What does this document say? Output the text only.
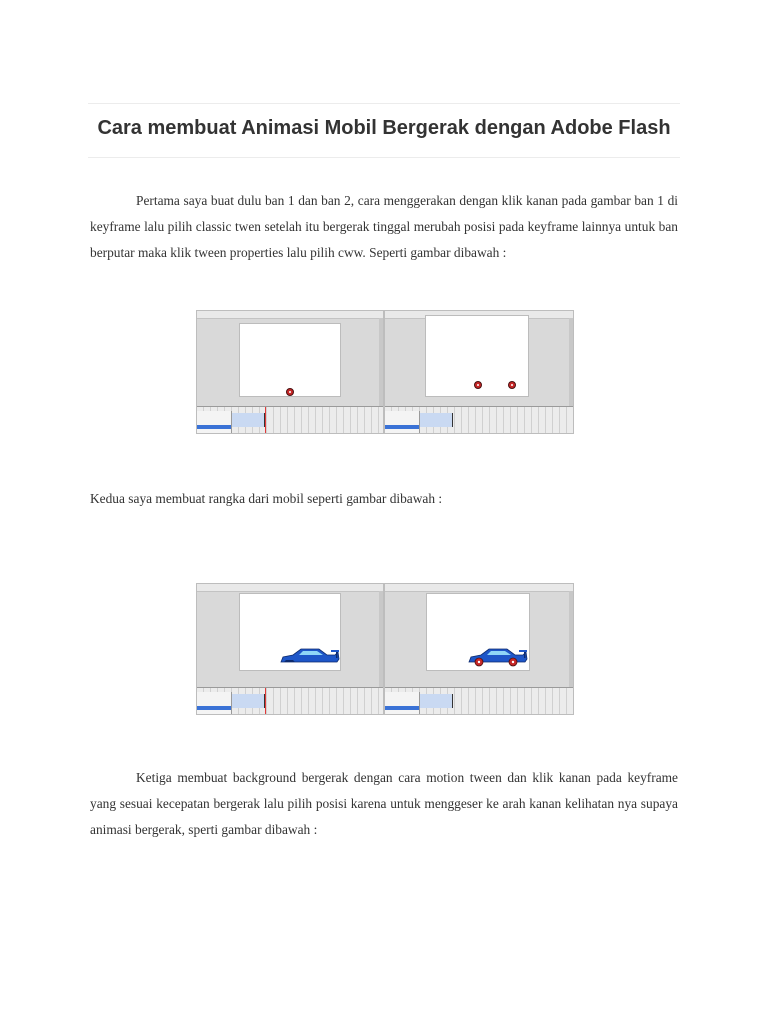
Cara membuat Animasi Mobil Bergerak dengan Adobe Flash

Pertama saya buat dulu ban 1 dan ban 2, cara menggerakan dengan klik kanan pada gambar ban 1 di keyframe lalu pilih classic twen setelah itu bergerak tinggal merubah posisi pada keyframe lainnya untuk ban berputar maka klik tween properties lalu pilih cww. Seperti gambar dibawah :

Kedua saya membuat rangka dari mobil seperti gambar dibawah :

Ketiga membuat background bergerak dengan cara motion tween dan klik kanan pada keyframe yang sesuai kecepatan bergerak lalu pilih posisi karena untuk menggeser ke arah kanan kelihatan nya supaya animasi bergerak, sperti gambar dibawah :
